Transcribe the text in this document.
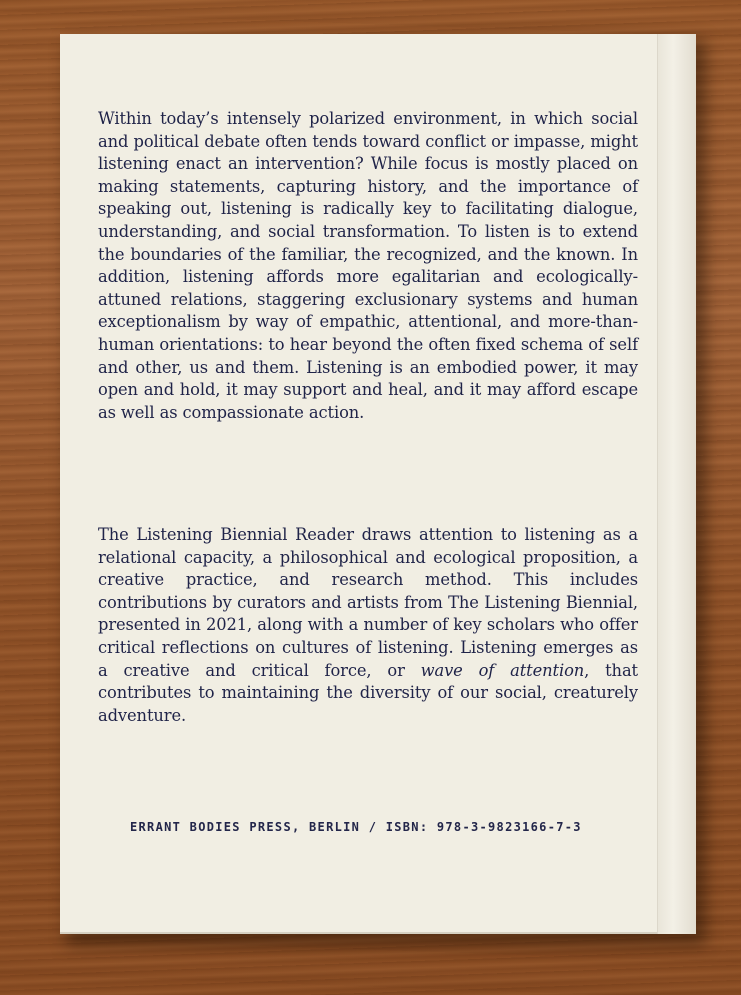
Within today’s intensely polarized environment, in which social and political debate often tends toward conflict or impasse, might listening enact an intervention? While focus is mostly placed on making statements, capturing history, and the importance of speaking out, listening is radically key to facilitating dialogue, understanding, and social transformation. To listen is to extend the boundaries of the familiar, the recognized, and the known. In addition, listening affords more egalitarian and ecologically-attuned relations, staggering exclusionary systems and human exceptionalism by way of empathic, attentional, and more-than-human orientations: to hear beyond the often fixed schema of self and other, us and them. Listening is an embodied power, it may open and hold, it may support and heal, and it may afford escape as well as compassionate action.
The Listening Biennial Reader draws attention to listening as a relational capacity, a philosophical and ecological proposition, a creative practice, and research method. This includes contributions by curators and artists from The Listening Biennial, presented in 2021, along with a number of key scholars who offer critical reflections on cultures of listening. Listening emerges as a creative and critical force, or wave of attention, that contributes to maintaining the diversity of our social, creaturely adventure.
ERRANT BODIES PRESS, BERLIN / ISBN: 978-3-9823166-7-3
